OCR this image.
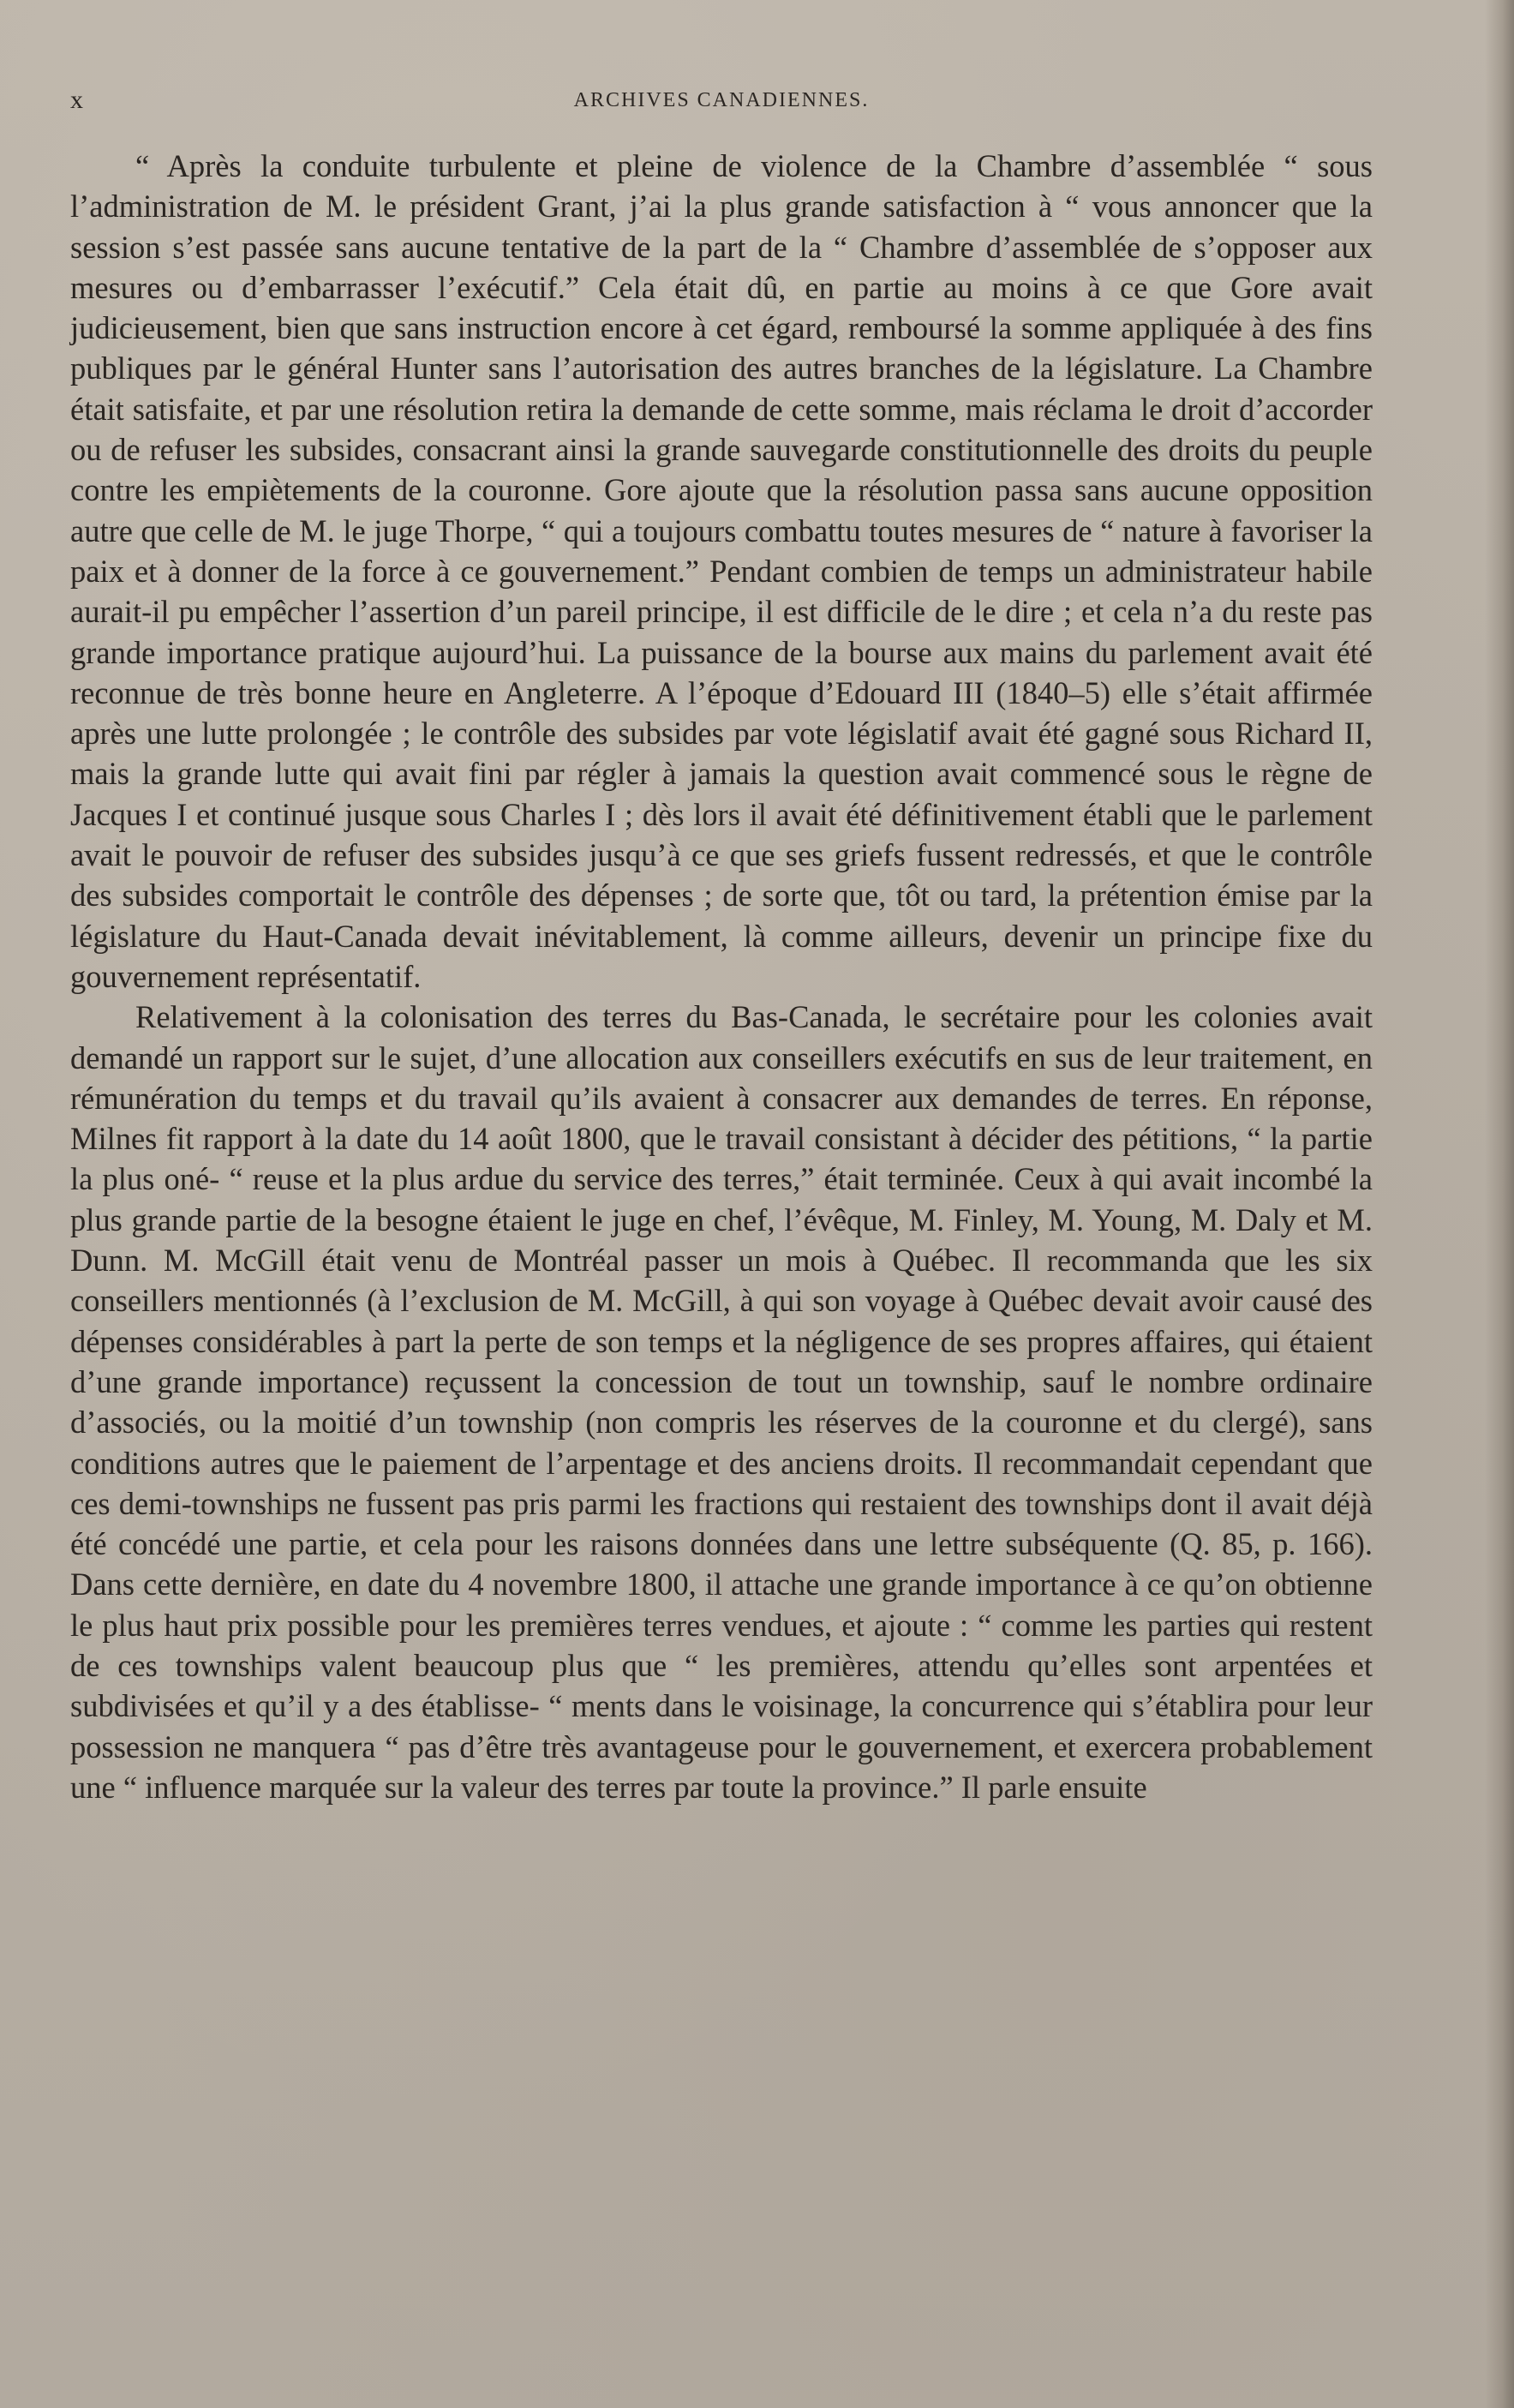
x	ARCHIVES CANADIENNES.

“ Après la conduite turbulente et pleine de violence de la Chambre d’assemblée “ sous l’administration de M. le président Grant, j’ai la plus grande satisfaction à “ vous annoncer que la session s’est passée sans aucune tentative de la part de la “ Chambre d’assemblée de s’opposer aux mesures ou d’embarrasser l’exécutif.” Cela était dû, en partie au moins à ce que Gore avait judicieusement, bien que sans instruction encore à cet égard, remboursé la somme appliquée à des fins publiques par le général Hunter sans l’autorisation des autres branches de la législature. La Chambre était satisfaite, et par une résolution retira la demande de cette somme, mais réclama le droit d’accorder ou de refuser les subsides, consacrant ainsi la grande sauvegarde constitutionnelle des droits du peuple contre les empiètements de la couronne. Gore ajoute que la résolution passa sans aucune opposition autre que celle de M. le juge Thorpe, “ qui a toujours combattu toutes mesures de “ nature à favoriser la paix et à donner de la force à ce gouvernement.” Pendant combien de temps un administrateur habile aurait-il pu empêcher l’assertion d’un pareil principe, il est difficile de le dire ; et cela n’a du reste pas grande importance pratique aujourd’hui. La puissance de la bourse aux mains du parlement avait été reconnue de très bonne heure en Angleterre. A l’époque d’Edouard III (1840–5) elle s’était affirmée après une lutte prolongée ; le contrôle des subsides par vote législatif avait été gagné sous Richard II, mais la grande lutte qui avait fini par régler à jamais la question avait commencé sous le règne de Jacques I et continué jusque sous Charles I ; dès lors il avait été définitivement établi que le parlement avait le pouvoir de refuser des subsides jusqu’à ce que ses griefs fussent redressés, et que le contrôle des subsides comportait le contrôle des dépenses ; de sorte que, tôt ou tard, la prétention émise par la législature du Haut-Canada devait inévitablement, là comme ailleurs, devenir un principe fixe du gouvernement représentatif.

Relativement à la colonisation des terres du Bas-Canada, le secrétaire pour les colonies avait demandé un rapport sur le sujet, d’une allocation aux conseillers exécutifs en sus de leur traitement, en rémunération du temps et du travail qu’ils avaient à consacrer aux demandes de terres. En réponse, Milnes fit rapport à la date du 14 août 1800, que le travail consistant à décider des pétitions, “ la partie la plus oné- “ reuse et la plus ardue du service des terres,” était terminée. Ceux à qui avait incombé la plus grande partie de la besogne étaient le juge en chef, l’évêque, M. Finley, M. Young, M. Daly et M. Dunn. M. McGill était venu de Montréal passer un mois à Québec. Il recommanda que les six conseillers mentionnés (à l’exclusion de M. McGill, à qui son voyage à Québec devait avoir causé des dépenses considérables à part la perte de son temps et la négligence de ses propres affaires, qui étaient d’une grande importance) reçussent la concession de tout un township, sauf le nombre ordinaire d’associés, ou la moitié d’un township (non compris les réserves de la couronne et du clergé), sans conditions autres que le paiement de l’arpentage et des anciens droits. Il recommandait cependant que ces demi-townships ne fussent pas pris parmi les fractions qui restaient des townships dont il avait déjà été concédé une partie, et cela pour les raisons données dans une lettre subséquente (Q. 85, p. 166). Dans cette dernière, en date du 4 novembre 1800, il attache une grande importance à ce qu’on obtienne le plus haut prix possible pour les premières terres vendues, et ajoute : “ comme les parties qui restent de ces townships valent beaucoup plus que “ les premières, attendu qu’elles sont arpentées et subdivisées et qu’il y a des établisse- “ ments dans le voisinage, la concurrence qui s’établira pour leur possession ne manquera “ pas d’être très avantageuse pour le gouvernement, et exercera probablement une “ influence marquée sur la valeur des terres par toute la province.” Il parle ensuite
